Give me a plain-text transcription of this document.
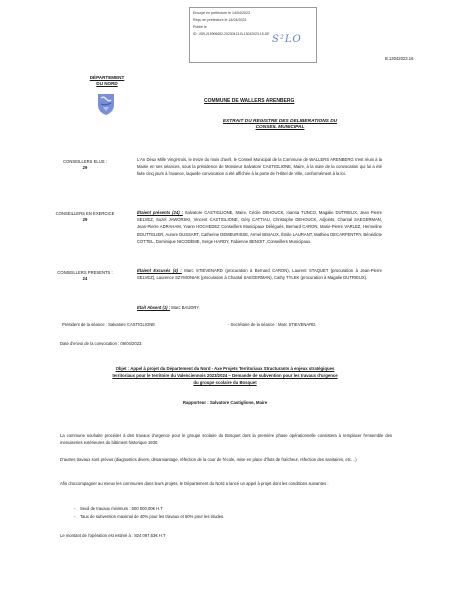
Envoyé en préfecture le 14/04/2023
Reçu en préfecture le 14/04/2023
Publié le
ID : 059-215906652-20230413-B-13042023-15-DE S²LO
B.13042023.16
DÉPARTEMENT
DU NORD
COMMUNE DE WALLERS ARENBERG
EXTRAIT DU REGISTRE DES DELIBERATIONS DU
CONSEIL MUNICIPAL
CONSEILLERS ELUS :
29
L'An Deux Mille Vingt-trois, le treize du mois d'avril, le Conseil Municipal de la Commune de WALLERS ARENBERG s'est réuni à la Mairie en ses séances, sous la présidence de Monsieur Salvatore CASTIGLIONE, Maire, à la suite de la convocation qui lui a été faite cinq jours à l'avance, laquelle convocation a été affichée à la porte de l'Hôtel de Ville, conformément à la loi.
CONSEILLERS EN EXERCICE
29
Étaient présents (24) : Salvatore CASTIGLIONE, Maire, Cécile DEHOUCK, Ioanna TUNCO, Magalie DUTRIEUX, Jean Pierre SELVEZ, Suzel JAWORSKI, Vincent CASTIGLIONE, Géry CATTIAU, Christophe DEHOUCK, Adjoints, Chantal SAEGERMAN, Jean-Pierre ADRAHAM, Yvann HOCHEDEZ Conseillers Municipaux Délégués, Bernard CARON, Marie-Pierre VARLEZ, Hermeline BOUTTELIER, Aurore DUSSART, Catherine DEMEURISSE, Armel BISIAUX, Émile LAURANT, Mathieu DECARFENTRY, Bénédicte COTTEL, Dominique NICODÈME, Serge HARDY, Fabienne BENOIT ,Conseillers Municipaux.
CONSEILLERS PRESENTS :
24
Étaient Excusés (4) : Marc STIEVENARD (procuration à Bernard CARON), Laurent STAQUET (procuration à Jean-Pierre SELVEZ), Laurence SZYMONIAK (procuration à Chantal SAEGERMAN), Cathy TYLEK (procuration à Magalie DUTRIEUX).
Était Absent (1) : Marc BAUDRY.
Président de la séance : Salvatore CASTIGLIONE	- Secrétaire de la séance : Marc STIEVENARD.
Date d'envoi de la convocation : 06/04/2023.
Objet : Appel à projet du Département du Nord - Axe Projets Territoriaux Structurants à enjeux stratégiques
territoriaux pour le territoire du Valenciennois 2023/2024 – Demande de subvention pour les travaux d'urgence
du groupe scolaire du Bosquet
Rapporteur : Salvatore Castiglione, Maire
La commune souhaite procéder à des travaux d'urgence pour le groupe scolaire du Bosquet dont la première phase opérationnelle consistera à remplacer l'ensemble des menuiseries extérieures du bâtiment historique 1930.
D'autres travaux sont prévus (diagnostics divers, désamiantage, réfection de la cour de l'école, mise en place d'îlots de fraîcheur, réfection des sanitaires, etc…)
Afin d'accompagner au mieux les communes dans leurs projets, le Département du Nord a lancé un appel à projet dont les conditions suivantes :
- Seuil de travaux minimum : 500 000,00€ H.T
- Taux de subvention maximal de 40% pour les travaux et 50% pour les études.
Le montant de l'opération est estimé à : 824 097,63€ H.T
